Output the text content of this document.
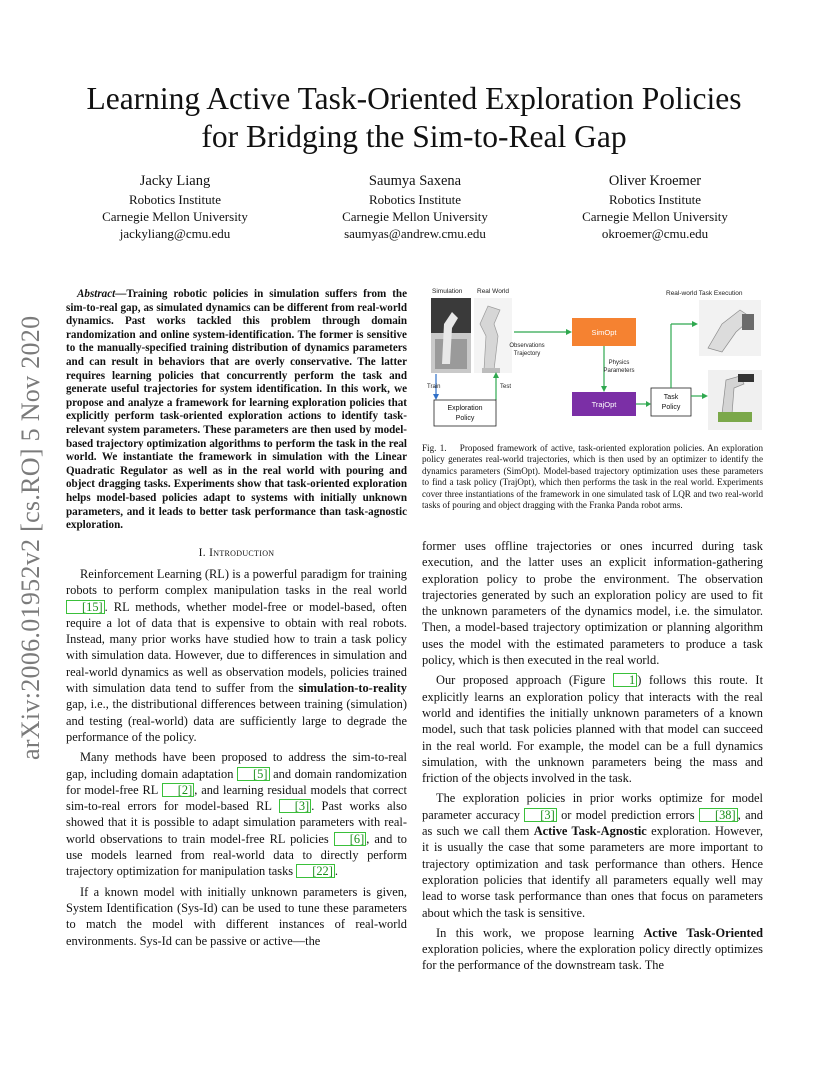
Learning Active Task-Oriented Exploration Policies
for Bridging the Sim-to-Real Gap
Jacky Liang
Robotics Institute
Carnegie Mellon University
jackyliang@cmu.edu
Saumya Saxena
Robotics Institute
Carnegie Mellon University
saumyas@andrew.cmu.edu
Oliver Kroemer
Robotics Institute
Carnegie Mellon University
okroemer@cmu.edu
arXiv:2006.01952v2 [cs.RO] 5 Nov 2020

Abstract—Training robotic policies in simulation suffers from the sim-to-real gap, as simulated dynamics can be different from real-world dynamics. Past works tackled this problem through domain randomization and online system-identification. The former is sensitive to the manually-specified training distribution of dynamics parameters and can result in behaviors that are overly conservative. The latter requires learning policies that concurrently perform the task and generate useful trajectories for system identification. In this work, we propose and analyze a framework for learning exploration policies that explicitly perform task-oriented exploration actions to identify task-relevant system parameters. These parameters are then used by model-based trajectory optimization algorithms to perform the task in the real world. We instantiate the framework in simulation with the Linear Quadratic Regulator as well as in the real world with pouring and object dragging tasks. Experiments show that task-oriented exploration helps model-based policies adapt to systems with initially unknown parameters, and it leads to better task performance than task-agnostic exploration.

I. Introduction

Reinforcement Learning (RL) is a powerful paradigm for training robots to perform complex manipulation tasks in the real world [15] . RL methods, whether model-free or model-based, often require a lot of data that is expensive to obtain with real robots. Instead, many prior works have studied how to train a task policy with simulation data. However, due to differences in simulation and real-world dynamics as well as observation models, policies trained with simulation data tend to suffer from the simulation-to-reality gap, i.e., the distributional differences between training (simulation) and testing (real-world) data are sufficiently large to degrade the performance of the policy.

Many methods have been proposed to address the sim-to-real gap, including domain adaptation [5] and domain randomization for model-free RL [2] , and learning residual models that correct sim-to-real errors for model-based RL [3] . Past works also showed that it is possible to adapt simulation parameters with real-world observations to train model-free RL policies [6] , and to use models learned from real-world data to directly perform trajectory optimization for manipulation tasks [22] .

If a known model with initially unknown parameters is given, System Identification (Sys-Id) can be used to tune these parameters to match the model with different instances of real-world environments. Sys-Id can be passive or active—the

Simulation Real World	Real-world Task Execution
Train	Test
Exploration
Policy
Observations
Trajectory
SimOpt
Physics
Parameters
TrajOpt
Task
Policy
Fig. 1. Proposed framework of active, task-oriented exploration policies. An exploration policy generates real-world trajectories, which is then used by an optimizer to identify the dynamics parameters (SimOpt). Model-based trajectory optimization uses these parameters to find a task policy (TrajOpt), which then performs the task in the real world. Experiments cover three instantiations of the framework in one simulated task of LQR and two real-world tasks of pouring and object dragging with the Franka Panda robot arms.

former uses offline trajectories or ones incurred during task execution, and the latter uses an explicit information-gathering exploration policy to probe the environment. The observation trajectories generated by such an exploration policy are used to fit the unknown parameters of the dynamics model, i.e. the simulator. Then, a model-based trajectory optimization or planning algorithm uses the model with the estimated parameters to produce a task policy, which is then executed in the real world.

Our proposed approach (Figure 1 ) follows this route. It explicitly learns an exploration policy that interacts with the real world and identifies the initially unknown parameters of a known model, such that task policies planned with that model can succeed in the real world. For example, the model can be a full dynamics simulation, with the unknown parameters being the mass and friction of the objects involved in the task.

The exploration policies in prior works optimize for model parameter accuracy [3] or model prediction errors [38] , and as such we call them Active Task-Agnostic exploration. However, it is usually the case that some parameters are more important to trajectory optimization and task performance than others. Hence exploration policies that identify all parameters equally well may lead to worse task performance than ones that focus on parameters about which the task is sensitive.

In this work, we propose learning Active Task-Oriented exploration policies, where the exploration policy directly optimizes for the performance of the downstream task. The
